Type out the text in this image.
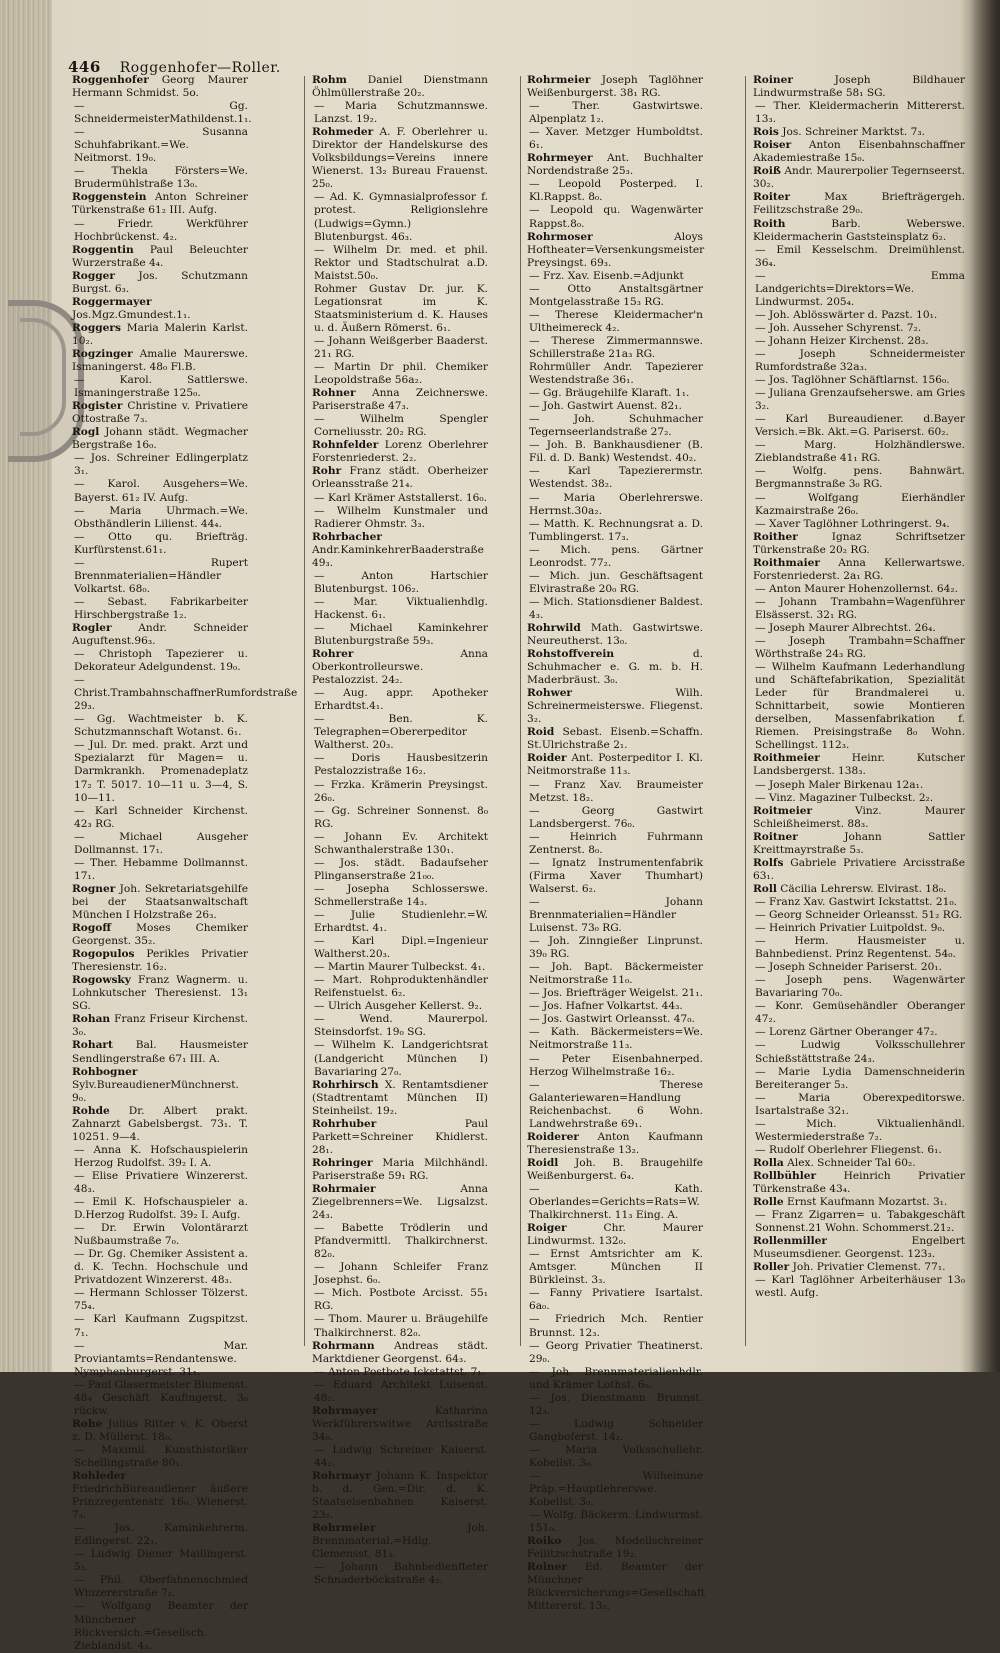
446 Roggenhofer—Roller.

Roggenhofer Georg Maurer Hermann Schmidst. 5o.

— Gg. SchneidermeisterMathildenst.1₁.

— Susanna Schuhfabrikant.=We. Neitmorst. 19₀.

— Thekla Försters=We. Brudermühlstraße 13₀.

Roggenstein Anton Schreiner Türkenstraße 61₂ III. Aufg.

— Friedr. Werkführer Hochbrückenst. 4₂.

Roggentin Paul Beleuchter Wurzerstraße 4₄.

Rogger Jos. Schutzmann Burgst. 6₃.

Roggermayer Jos.Mgz.Gmundest.1₁.

Roggers Maria Malerin Karlst. 10₂.

Rogzinger Amalie Maurerswe. Ismaningerst. 48₀ Fl.B.

— Karol. Sattlerswe. Ismaningerstraße 125₀.

Rogister Christine v. Privatiere Ottostraße 7₃.

Rogl Johann städt. Wegmacher Bergstraße 16₀.

— Jos. Schreiner Edlingerplatz 3₁.

— Karol. Ausgehers=We. Bayerst. 61₂ IV. Aufg.

— Maria Uhrmach.=We. Obsthändlerin Lilienst. 44₄.

— Otto qu. Briefträg. Kurfürstenst.61₁.

— Rupert Brennmaterialien=Händler Volkartst. 68₀.

— Sebast. Fabrikarbeiter Hirschbergstraße 1₂.

Rogler Andr. Schneider Auguftenst.96₃.

— Christoph Tapezierer u. Dekorateur Adelgundenst. 19₀.

— Christ.TrambahnschaffnerRumfordstraße 29₃.

— Gg. Wachtmeister b. K. Schutzmannschaft Wotanst. 6₁.

— Jul. Dr. med. prakt. Arzt und Spezialarzt für Magen= u. Darmkrankh. Promenadeplatz 17₂ T. 5017. 10—11 u. 3—4, S. 10—11.

— Karl Schneider Kirchenst. 42₃ RG.

— Michael Ausgeher Dollmannst. 17₁.

— Ther. Hebamme Dollmannst. 17₁.

Rogner Joh. Sekretariatsgehilfe bei der Staatsanwaltschaft München I Holzstraße 26₃.

Rogoff Moses Chemiker Georgenst. 35₂.

Rogopulos Perikles Privatier Theresienstr. 16₂.

Rogowsky Franz Wagnerm. u. Lohnkutscher Theresienst. 13₁ SG.

Rohan Franz Friseur Kirchenst. 3₀.

Rohart Bal. Hausmeister Sendlingerstraße 67₁ III. A.

Rohbogner Sylv.BureaudienerMünchnerst. 9₀.

Rohde Dr. Albert prakt. Zahnarzt Gabelsbergst. 73₁. T. 10251. 9—4.

— Anna K. Hofschauspielerin Herzog Rudolfst. 39₂ I. A.

— Elise Privatiere Winzererst. 48₃.

— Emil K. Hofschauspieler a. D.Herzog Rudolfst. 39₂ I. Aufg.

— Dr. Erwin Volontärarzt Nußbaumstraße 7₀.

— Dr. Gg. Chemiker Assistent a. d. K. Techn. Hochschule und Privatdozent Winzererst. 48₃.

— Hermann Schlosser Tölzerst. 75₄.

— Karl Kaufmann Zugspitzst. 7₁.

— Mar. Proviantamts=Rendantenswe. Nymphenburgerst. 31₁.

— Paul Glasermeister Blumenst. 48₄ Geschäft Kaufingerst. 3₀ rückw.

Rohe Julius Ritter v. K. Oberst z. D. Müllerst. 18₀.

— Maximil. Kunsthistoriker Schellingstraße 80₁.

Rohleder FriedrichBureaudiener äußere Prinzregentenstr. 16₀. Wienerst. 7₃.

— Jos. Kaminkehrerm. Edlingerst. 22₁.

— Ludwig Diener Maillingerst. 5₃.

— Phil. Oberfahnenschmied Winzererstraße 7₂.

— Wolfgang Beamter der Münchener Rückversich.=Gesellsch. Zieblandst. 4₃.

Rohm Daniel Dienstmann Öhlmüllerstraße 20₂.

— Maria Schutzmannswe. Lanzst. 19₂.

Rohmeder A. F. Oberlehrer u. Direktor der Handelskurse des Volksbildungs=Vereins innere Wienerst. 13₂ Bureau Frauenst. 25₀.

— Ad. K. Gymnasialprofessor f. protest. Religionslehre (Ludwigs=Gymn.) Blutenburgst. 46₃.

— Wilhelm Dr. med. et phil. Rektor und Stadtschulrat a.D. Maistst.50₀.

Rohmer Gustav Dr. jur. K. Legationsrat im K. Staatsministerium d. K. Hauses u. d. Äußern Römerst. 6₁.

— Johann Weißgerber Baaderst. 21₁ RG.

— Martin Dr phil. Chemiker Leopoldstraße 56a₂.

Rohner Anna Zeichnerswe. Pariserstraße 47₃.

— Wilhelm Spengler Corneliusstr. 20₂ RG.

Rohnfelder Lorenz Oberlehrer Forstenriederst. 2₂.

Rohr Franz städt. Oberheizer Orleansstraße 21₄.

— Karl Krämer Aststallerst. 16₀.

— Wilhelm Kunstmaler und Radierer Ohmstr. 3₃.

Rohrbacher Andr.KaminkehrerBaaderstraße 49₃.

— Anton Hartschier Blutenburgst. 106₂.

— Mar. Viktualienhdlg. Hackenst. 6₁.

— Michael Kaminkehrer Blutenburgstraße 59₃.

Rohrer Anna Oberkontrolleurswe. Pestalozzist. 24₂.

— Aug. appr. Apotheker Erhardtst.4₁.

— Ben. K. Telegraphen=Obererpeditor Waltherst. 20₃.

— Doris Hausbesitzerin Pestalozzistraße 16₂.

— Frzka. Krämerin Preysingst. 26₀.

— Gg. Schreiner Sonnenst. 8₀ RG.

— Johann Ev. Architekt Schwanthalerstraße 130₁.

— Jos. städt. Badaufseher Plinganserstraße 21₀₀.

— Josepha Schlosserswe. Schmellerstraße 14₃.

— Julie Studienlehr.=W. Erhardtst. 4₁.

— Karl Dipl.=Ingenieur Waltherst.20₃.

— Martin Maurer Tulbeckst. 4₁.

— Mart. Rohproduktenhändler Reifenstuelst. 6₂.

— Ulrich Ausgeher Kellerst. 9₂.

— Wend. Maurerpol. Steinsdorfst. 19₀ SG.

— Wilhelm K. Landgerichtsrat (Landgericht München I) Bavariaring 27₀.

Rohrhirsch X. Rentamtsdiener (Stadtrentamt München II) Steinheilst. 19₂.

Rohrhuber Paul Parkett=Schreiner Khidlerst. 28₁.

Rohringer Maria Milchhändl. Pariserstraße 59₁ RG.

Rohrmaier Anna Ziegelbrenners=We. Ligsalzst. 24₃.

— Babette Trödlerin und Pfandvermittl. Thalkirchnerst. 82₀.

— Johann Schleifer Franz Josephst. 6₀.

— Mich. Postbote Arcisst. 55₁ RG.

— Thom. Maurer u. Bräugehilfe Thalkirchnerst. 82₀.

Rohrmann Andreas städt. Marktdiener Georgenst. 64₃.

— Anton Postbote Ickstattst. 7₁.

— Eduard Architekt Luisenst. 48₂.

Rohrmayer Katharina Werkführerswitwe Arcisstraße 34₀.

— Ludwig Schreiner Kaiserst. 44₂.

Rohrmayr Johann K. Inspektor b. d. Gen.=Dir. d. K. Staatseisenbahnen Kaiserst. 23₂.

Rohrmeier Joh. Brennmaterial.=Hdlg. Clemensst. 81₃.

— Johann Bahnbedienfteter Schnaderböckstraße 4₂.

Rohrmeier Joseph Taglöhner Weißenburgerst. 38₁ RG.

— Ther. Gastwirtswe. Alpenplatz 1₂.

— Xaver. Metzger Humboldtst. 6₁.

Rohrmeyer Ant. Buchhalter Nordendstraße 25₃.

— Leopold Posterped. I. Kl.Rappst. 8₀.

— Leopold qu. Wagenwärter Rappst.8₀.

Rohrmoser Aloys Hoftheater=Versenkungsmeister Preysingst. 69₃.

— Frz. Xav. Eisenb.=Adjunkt

— Otto Anstaltsgärtner Montgelasstraße 15₃ RG.

— Therese Kleidermacher'n Ultheimereck 4₂.

— Therese Zimmermannswe. Schillerstraße 21a₃ RG.

Rohrmüller Andr. Tapezierer Westendstraße 36₁.

— Gg. Bräugehilfe Klaraft. 1₁.

— Joh. Gastwirt Auenst. 82₁.

— Joh. Schuhmacher Tegernseerlandstraße 27₂.

— Joh. B. Bankhausdiener (B. Fil. d. D. Bank) Westendst. 40₂.

— Karl Tapezierermstr. Westendst. 38₂.

— Maria Oberlehrerswe. Herrnst.30a₂.

— Matth. K. Rechnungsrat a. D. Tumblingerst. 17₃.

— Mich. pens. Gärtner Leonrodst. 77₂.

— Mich. jun. Geschäftsagent Elvirastraße 20₀ RG.

— Mich. Stationsdiener Baldest. 4₃.

Rohrwild Math. Gastwirtswe. Neureutherst. 13₀.

Rohstoffverein d. Schuhmacher e. G. m. b. H. Maderbräust. 3₀.

Rohwer Wilh. Schreinermeisterswe. Fliegenst. 3₂.

Roid Sebast. Eisenb.=Schaffn. St.Ulrichstraße 2₁.

Roider Ant. Posterpeditor I. Kl. Neitmorstraße 11₃.

— Franz Xav. Braumeister Metzst. 18₂.

— Georg Gastwirt Landsbergerst. 76₀.

— Heinrich Fuhrmann Zentnerst. 8₀.

— Ignatz Instrumentenfabrik (Firma Xaver Thumhart) Walserst. 6₂.

— Johann Brennmaterialien=Händler Luisenst. 73₀ RG.

— Joh. Zinngießer Linprunst. 39₀ RG.

— Joh. Bapt. Bäckermeister Neitmorstraße 11₀.

— Jos. Briefträger Weigelst. 21₁.

— Jos. Hafner Volkartst. 44₃.

— Jos. Gastwirt Orleansst. 47₀.

— Kath. Bäckermeisters=We. Neitmorstraße 11₃.

— Peter Eisenbahnerped. Herzog Wilhelmstraße 16₂.

— Therese Galanteriewaren=Handlung Reichenbachst. 6 Wohn. Landwehrstraße 69₁.

Roiderer Anton Kaufmann Theresienstraße 13₂.

Roidl Joh. B. Braugehilfe Weißenburgerst. 6₄.

— Kath. Oberlandes=Gerichts=Rats=W. Thalkirchnerst. 11₃ Eing. A.

Roiger Chr. Maurer Lindwurmst. 132₀.

— Ernst Amtsrichter am K. Amtsger. München II Bürkleinst. 3₃.

— Fanny Privatiere Isartalst. 6a₀.

— Friedrich Mch. Rentier Brunnst. 12₃.

— Georg Privatier Theatinerst. 29₀.

— Joh. Brennmaterialienhdlr. und Krämer Lothst. 6₀.

— Jos. Dienstmann Brunnst. 12₃.

— Ludwig Schneider Gangboferst. 14₂.

— Maria Volksschullehr. Kobellst. 3₀.

— Wilhelmine Präp.=Hauptlehrerswe. Kobellst. 3₀.

— Wolfg. Bäckerm. Lindwurmst. 151₀.

Roiko Jos. Modellschreiner Feilitzschstraße 19₂.

Roiner Ed. Beamter der Münchner Rückversicherungs=Gesellschaft Mittererst. 13₃.

Roiner Joseph Bildhauer Lindwurmstraße 58₁ SG.

— Ther. Kleidermacherin Mittererst. 13₃.

Rois Jos. Schreiner Marktst. 7₃.

Roiser Anton Eisenbahnschaffner Akademiestraße 15₀.

Roiß Andr. Maurerpolier Tegernseerst. 30₂.

Roiter Max Briefträgergeh. Feilitzschstraße 29₀.

Roith Barb. Weberswe. Kleidermacherin Gaststeinsplatz 6₂.

— Emil Kesselschm. Dreimühlenst. 36₄.

— Emma Landgerichts=Direktors=We. Lindwurmst. 205₄.

— Joh. Ablösswärter d. Pazst. 10₁.

— Joh. Ausseher Schyrenst. 7₂.

— Johann Heizer Kirchenst. 28₃.

— Joseph Schneidermeister Rumfordstraße 32a₃.

— Jos. Taglöhner Schäftlarnst. 156₀.

— Juliana Grenzaufseherswe. am Gries 3₂.

— Karl Bureaudiener. d.Bayer Versich.=Bk. Akt.=G. Pariserst. 60₂.

— Marg. Holzhändlerswe. Zieblandstraße 41₁ RG.

— Wolfg. pens. Bahnwärt. Bergmannstraße 3₀ RG.

— Wolfgang Eierhändler Kazmairstraße 26₀.

— Xaver Taglöhner Lothringerst. 9₄.

Roither Ignaz Schriftsetzer Türkenstraße 20₂ RG.

Roithmaier Anna Kellerwartswe. Forstenriederst. 2a₁ RG.

— Anton Maurer Hohenzollernst. 64₂.

— Johann Trambahn=Wagenführer Elsässerst. 32₁ RG.

— Joseph Maurer Albrechtst. 26₄.

— Joseph Trambahn=Schaffner Wörthstraße 24₃ RG.

— Wilhelm Kaufmann Lederhandlung und Schäftefabrikation, Spezialität Leder für Brandmalerei u. Schnittarbeit, sowie Montieren derselben, Massenfabrikation f. Riemen. Preisingstraße 8₀ Wohn. Schellingst. 112₃.

Roithmeier Heinr. Kutscher Landsbergerst. 138₃.

— Joseph Maler Birkenau 12a₁.

— Vinz. Magaziner Tulbeckst. 2₂.

Roitmeier Vinz. Maurer Schleißheimerst. 88₃.

Roitner Johann Sattler Kreittmayrstraße 5₃.

Rolfs Gabriele Privatiere Arcisstraße 63₁.

Roll Cäcilia Lehrersw. Elvirast. 18₀.

— Franz Xav. Gastwirt Ickstattst. 21₀.

— Georg Schneider Orleansst. 51₂ RG.

— Heinrich Privatier Luitpoldst. 9₀.

— Herm. Hausmeister u. Bahnbedienst. Prinz Regentenst. 54₀.

— Joseph Schneider Pariserst. 20₁.

— Joseph pens. Wagenwärter Bavariaring 70₀.

— Konr. Gemüsehändler Oberanger 47₂.

— Lorenz Gärtner Oberanger 47₂.

— Ludwig Volksschullehrer Schießstättstraße 24₃.

— Marie Lydia Damenschneiderin Bereiteranger 5₃.

— Maria Oberexpeditorswe. Isartalstraße 32₁.

— Mich. Viktualienhändl. Westermiederstraße 7₂.

— Rudolf Oberlehrer Fliegenst. 6₁.

Rolla Alex. Schneider Tal 60₂.

Rollbühler Heinrich Privatier Türkenstraße 43₄.

Rolle Ernst Kaufmann Mozartst. 3₁.

— Franz Zigarren= u. Tabakgeschäft Sonnenst.21 Wohn. Schommerst.21₂.

Rollenmiller Engelbert Museumsdiener. Georgenst. 123₃.

Roller Joh. Privatier Clemenst. 77₁.

— Karl Taglöhner Arbeiterhäuser 13₀ westl. Aufg.
